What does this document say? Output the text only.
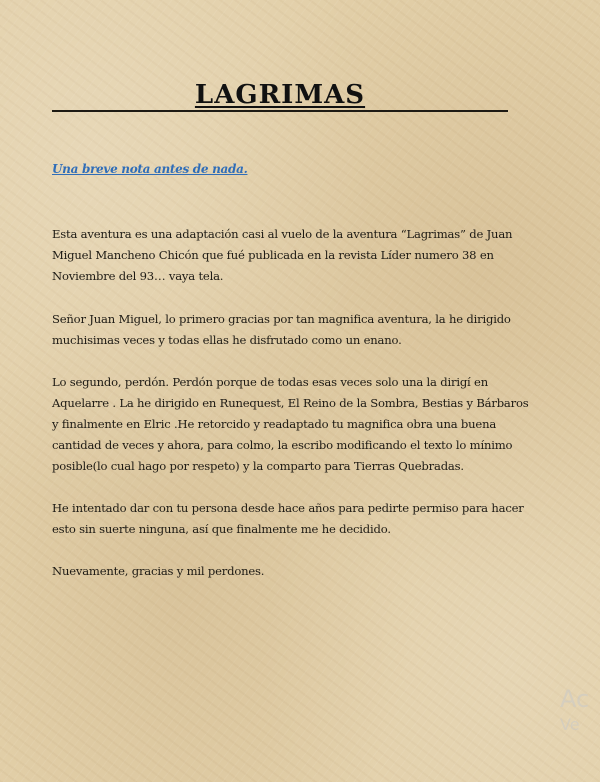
LAGRIMAS
Una breve nota antes de nada.

Esta aventura es una adaptación casi al vuelo de la aventura “Lagrimas” de Juan Miguel Mancheno Chicón que fué publicada en la revista Líder numero 38 en Noviembre del 93… vaya tela.

Señor Juan Miguel, lo primero gracias por tan magnifica aventura, la he dirigido muchisimas veces y todas ellas he disfrutado como un enano.

Lo segundo, perdón. Perdón porque de todas esas veces solo una la dirigí en Aquelarre . La he dirigido en Runequest, El Reino de la Sombra, Bestias y Bárbaros y finalmente en Elric .He retorcido y readaptado tu magnifica obra una buena cantidad de veces y ahora, para colmo, la escribo modificando el texto lo mínimo posible(lo cual hago por respeto) y la comparto para Tierras Quebradas.

He intentado dar con tu persona desde hace años para pedirte permiso para hacer esto sin suerte ninguna, así que finalmente me he decidido.

Nuevamente, gracias y mil perdones.

Ac
Ve
